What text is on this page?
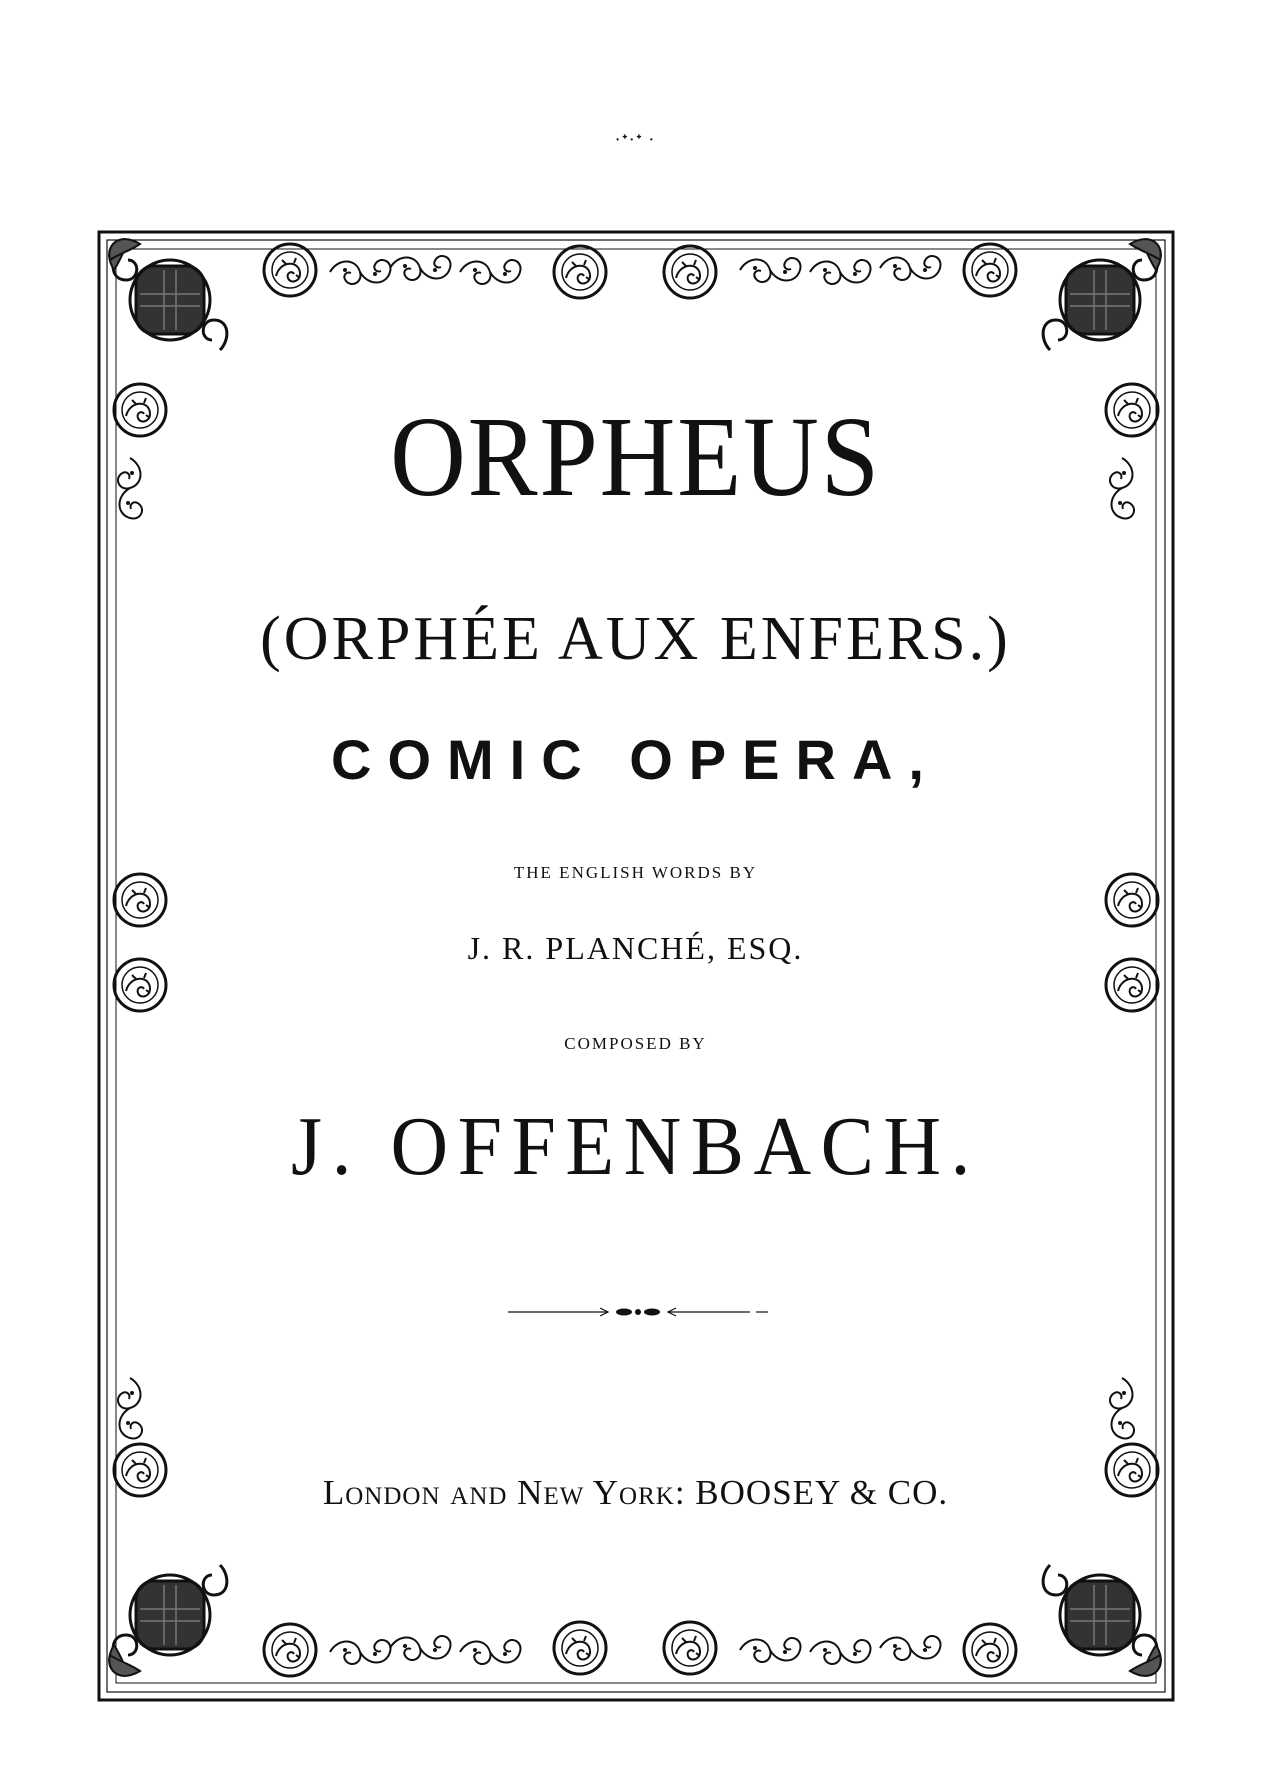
·ᐩ·ᐩ ·
ORPHEUS
(ORPHÉE AUX ENFERS.)
COMIC OPERA,
THE ENGLISH WORDS BY
J. R. PLANCHÉ, ESQ.
COMPOSED BY
J. OFFENBACH.
London and New York: BOOSEY & CO.
